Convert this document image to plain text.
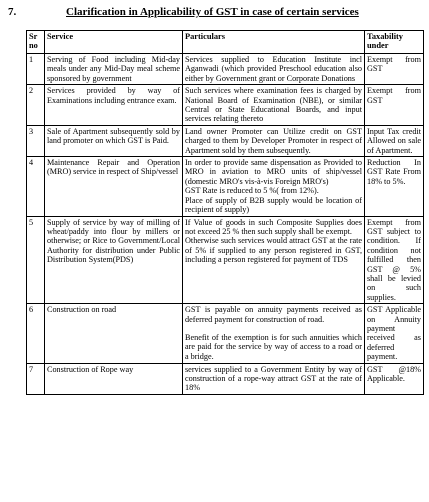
7.	Clarification in Applicability of GST in case of certain services
Sr
no	Service	Particulars	Taxability under
1	Serving of Food including Mid-day meals under any Mid-Day meal scheme sponsored by government	Services supplied to Education Institute incl Aganwadi (which provided Preschool education also either by Government grant or Corporate Donations	Exempt from GST
2	Services provided by way of Examinations including entrance exam.	Such services where examination fees is charged by National Board of Examination (NBE), or similar Central or State Educational Boards, and input services relating thereto	Exempt from GST
3	Sale of Apartment subsequently sold by land promoter on which GST is Paid.	Land owner Promoter can Utilize credit on GST charged to them by Developer Promoter in respect of Apartment sold by them subsequently.	Input Tax credit Allowed on sale of Apartment.
4	Maintenance Repair and Operation (MRO) service in respect of Ship/vessel	In order to provide same dispensation as Provided to MRO in aviation to MRO units of ship/vessel (domestic MRO's vis-à-vis Foreign MRO's)

GST Rate is reduced to 5 %( from 12%).

Place of supply of B2B supply would be location of recipient of supply)	Reduction In GST Rate From 18% to 5%.
5	Supply of service by way of milling of wheat/paddy into flour by millers or otherwise; or Rice to Government/Local Authority for distribution under Public Distribution System(PDS)	If Value of goods in such Composite Supplies does not exceed 25 % then such supply shall be exempt.

Otherwise such services would attract GST at the rate of 5% if supplied to any person registered in GST, including a person registered for payment of TDS	Exempt from GST subject to condition. If condition not fulfilled then GST @ 5% shall be levied on such supplies.
6	Construction on road	GST is payable on annuity payments received as deferred payment for construction of road.

Benefit of the exemption is for such annuities which are paid for the service by way of access to a road or a bridge.	GST Applicable on Annuity payment received as deferred payment.
7	Construction of Rope way	services supplied to a Government Entity by way of construction of a rope-way attract GST at the rate of 18%	GST @18% Applicable.
